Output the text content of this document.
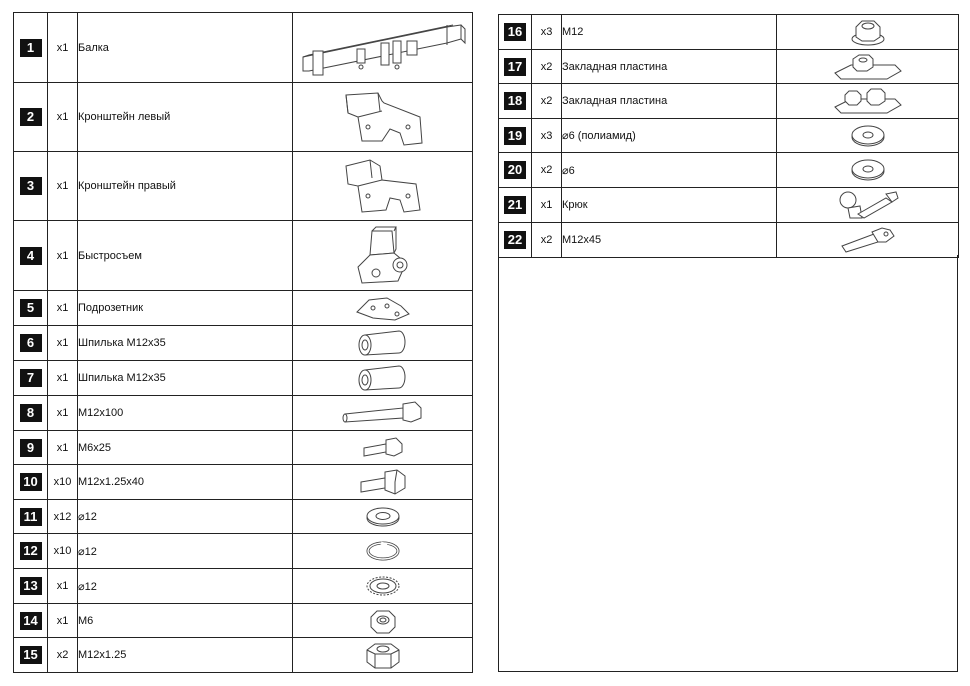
1	x1	Балка	

2	x1	Кронштейн левый	

3	x1	Кронштейн правый	

4	x1	Быстросъем	

5	x1	Подрозетник	

6	x1	Шпилька М12х35	

7	x1	Шпилька М12х35	

8	x1	М12х100	

9	x1	М6х25	

10	x10	М12х1.25х40	

11	x12	⌀12	

12	x10	⌀12	

13	x1	⌀12	

14	x1	М6	

15	x2	М12х1.25	
16	x3	М12	

17	x2	Закладная пластина	

18	x2	Закладная пластина	

19	x3	⌀6 (полиамид)	

20	x2	⌀6	

21	x1	Крюк	

22	x2	М12х45	
